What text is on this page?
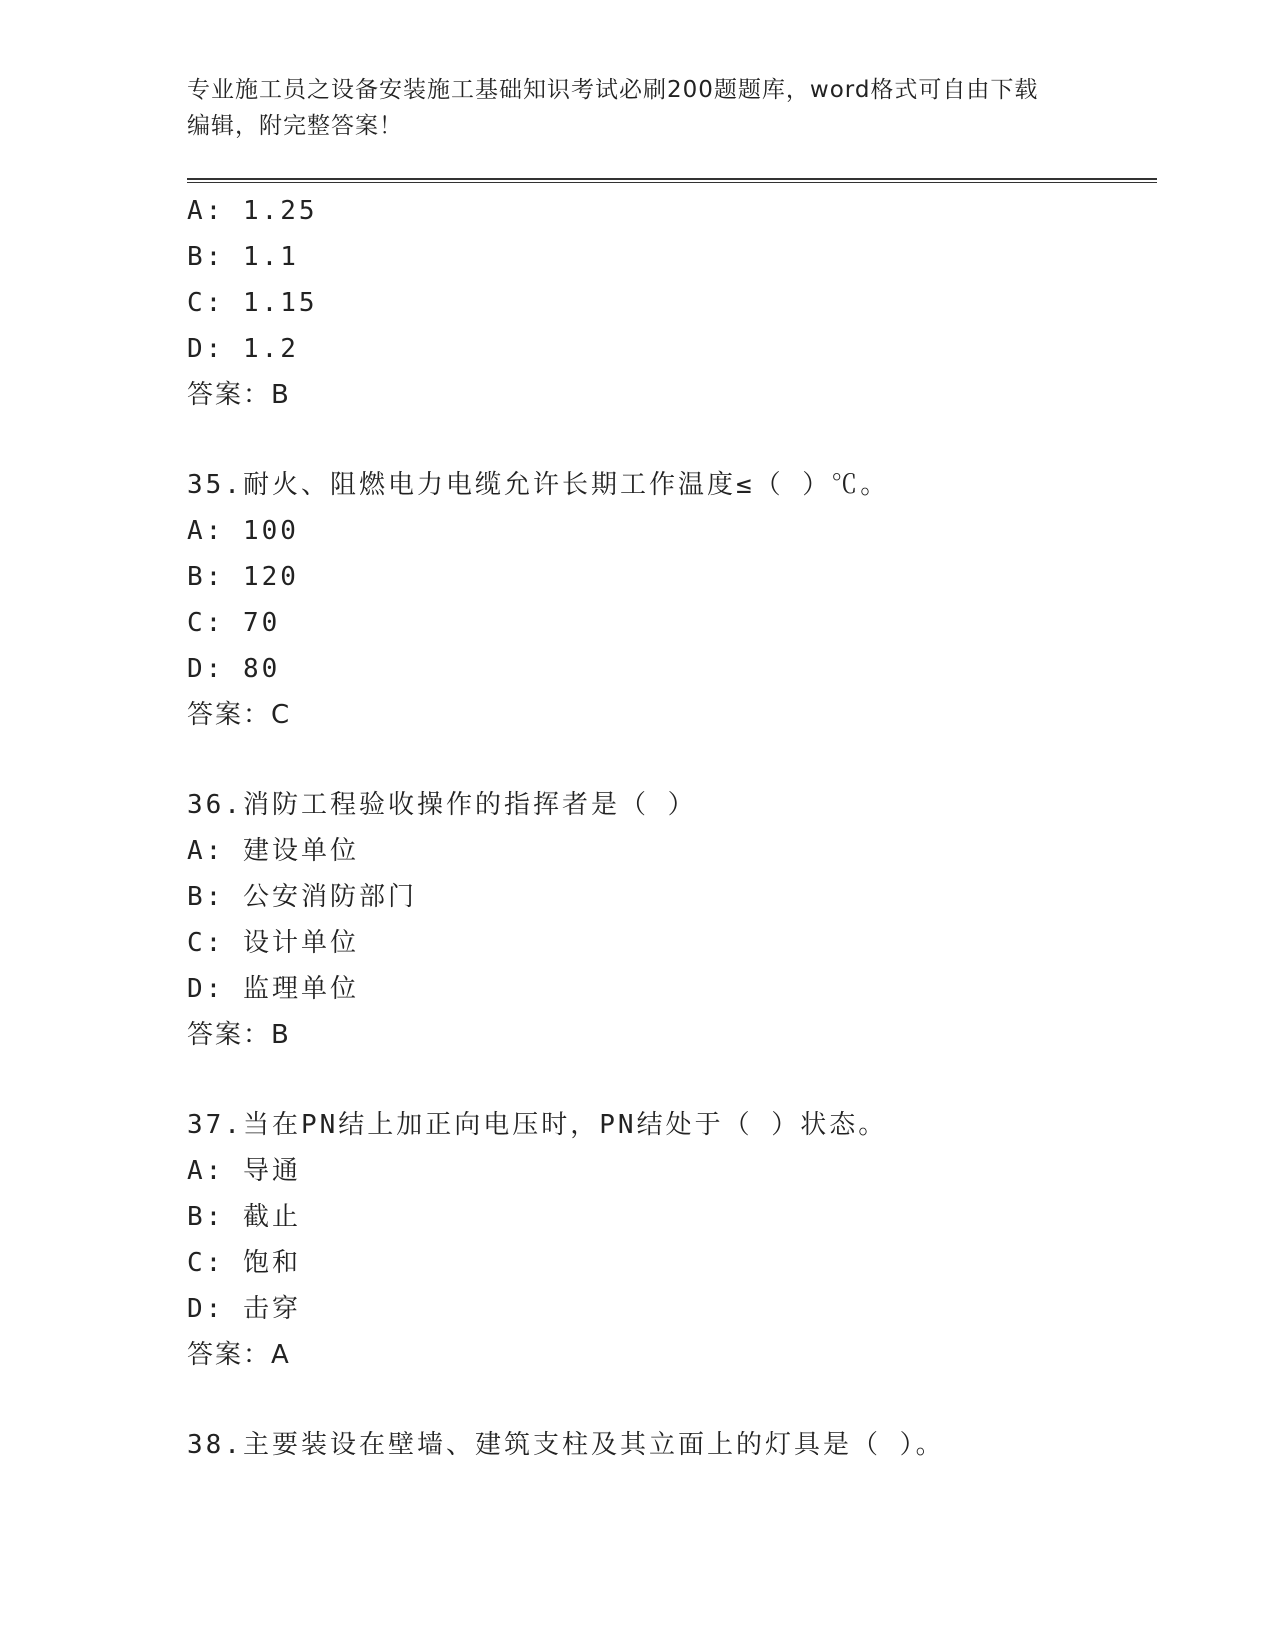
专业施工员之设备安装施工基础知识考试必刷200题题库，word格式可自由下载
编辑，附完整答案！
A: 1.25
B: 1.1
C: 1.15
D: 1.2
答案：B
35.耐火、阻燃电力电缆允许长期工作温度≤（ ）℃。
A: 100
B: 120
C: 70
D: 80
答案：C
36.消防工程验收操作的指挥者是（ ）
A: 建设单位
B: 公安消防部门
C: 设计单位
D: 监理单位
答案：B
37.当在PN结上加正向电压时，PN结处于（ ）状态。
A: 导通
B: 截止
C: 饱和
D: 击穿
答案：A
38.主要装设在壁墙、建筑支柱及其立面上的灯具是（ ）。
